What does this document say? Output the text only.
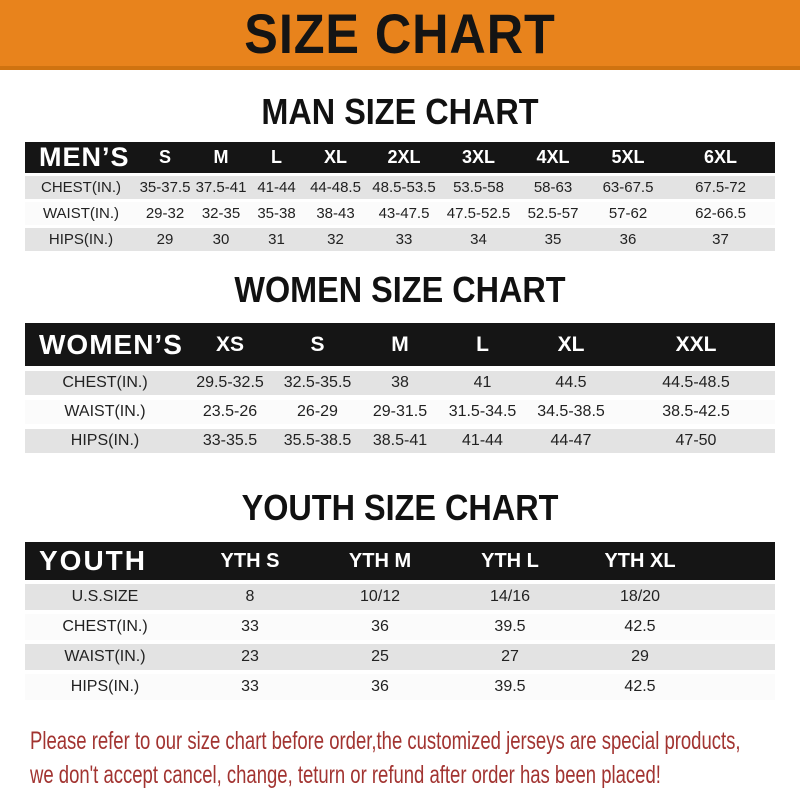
SIZE CHART
MAN SIZE CHART
MEN’S	S	M	L	XL	2XL	3XL	4XL	5XL	6XL
CHEST(IN.)	35-37.5	37.5-41	41-44	44-48.5	48.5-53.5	53.5-58	58-63	63-67.5	67.5-72
WAIST(IN.)	29-32	32-35	35-38	38-43	43-47.5	47.5-52.5	52.5-57	57-62	62-66.5
HIPS(IN.)	29	30	31	32	33	34	35	36	37
WOMEN SIZE CHART
WOMEN’S	XS	S	M	L	XL	XXL
CHEST(IN.)	29.5-32.5	32.5-35.5	38	41	44.5	44.5-48.5
WAIST(IN.)	23.5-26	26-29	29-31.5	31.5-34.5	34.5-38.5	38.5-42.5
HIPS(IN.)	33-35.5	35.5-38.5	38.5-41	41-44	44-47	47-50
YOUTH SIZE CHART
YOUTH	YTH S	YTH M	YTH L	YTH XL	
U.S.SIZE	8	10/12	14/16	18/20	
CHEST(IN.)	33	36	39.5	42.5	
WAIST(IN.)	23	25	27	29	
HIPS(IN.)	33	36	39.5	42.5	
Please refer to our size chart before order,the customized jerseys are special products,
we don't accept cancel, change, teturn or refund after order has been placed!
